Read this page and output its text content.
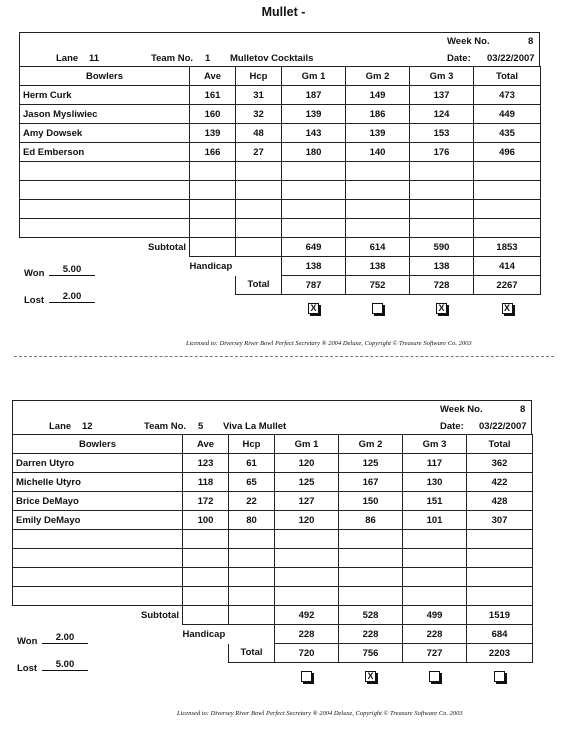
Mullet -
Week No.	8
Lane 11	Team No. 1 Mulletov Cocktails	Date: 03/22/2007
Bowlers	Ave	Hcp	Gm 1	Gm 2	Gm 3	Total
Herm Curk	161	31	187	149	137	473
Jason Mysliwiec	160	32	139	186	124	449
Amy Dowsek	139	48	143	139	153	435
Ed Emberson	166	27	180	140	176	496

Subtotal			649	614	590	1853
	Handicap		138	138	138	414
		Total	787	752	728	2267
X	X	X
Won	5.00
Lost	2.00
Licensed to: Diversey River Bowl Perfect Secretary ® 2004 Deluxe, Copyright © Treasure Software Co. 2003
Week No.	8
Lane 12	Team No. 5 Viva La Mullet	Date: 03/22/2007
Bowlers	Ave	Hcp	Gm 1	Gm 2	Gm 3	Total
Darren Utyro	123	61	120	125	117	362
Michelle Utyro	118	65	125	167	130	422
Brice DeMayo	172	22	127	150	151	428
Emily DeMayo	100	80	120	86	101	307

Subtotal			492	528	499	1519
	Handicap		228	228	228	684
		Total	720	756	727	2203
X
Won	2.00
Lost	5.00
Licensed to: Diversey River Bowl Perfect Secretary ® 2004 Deluxe, Copyright © Treasure Software Co. 2003
